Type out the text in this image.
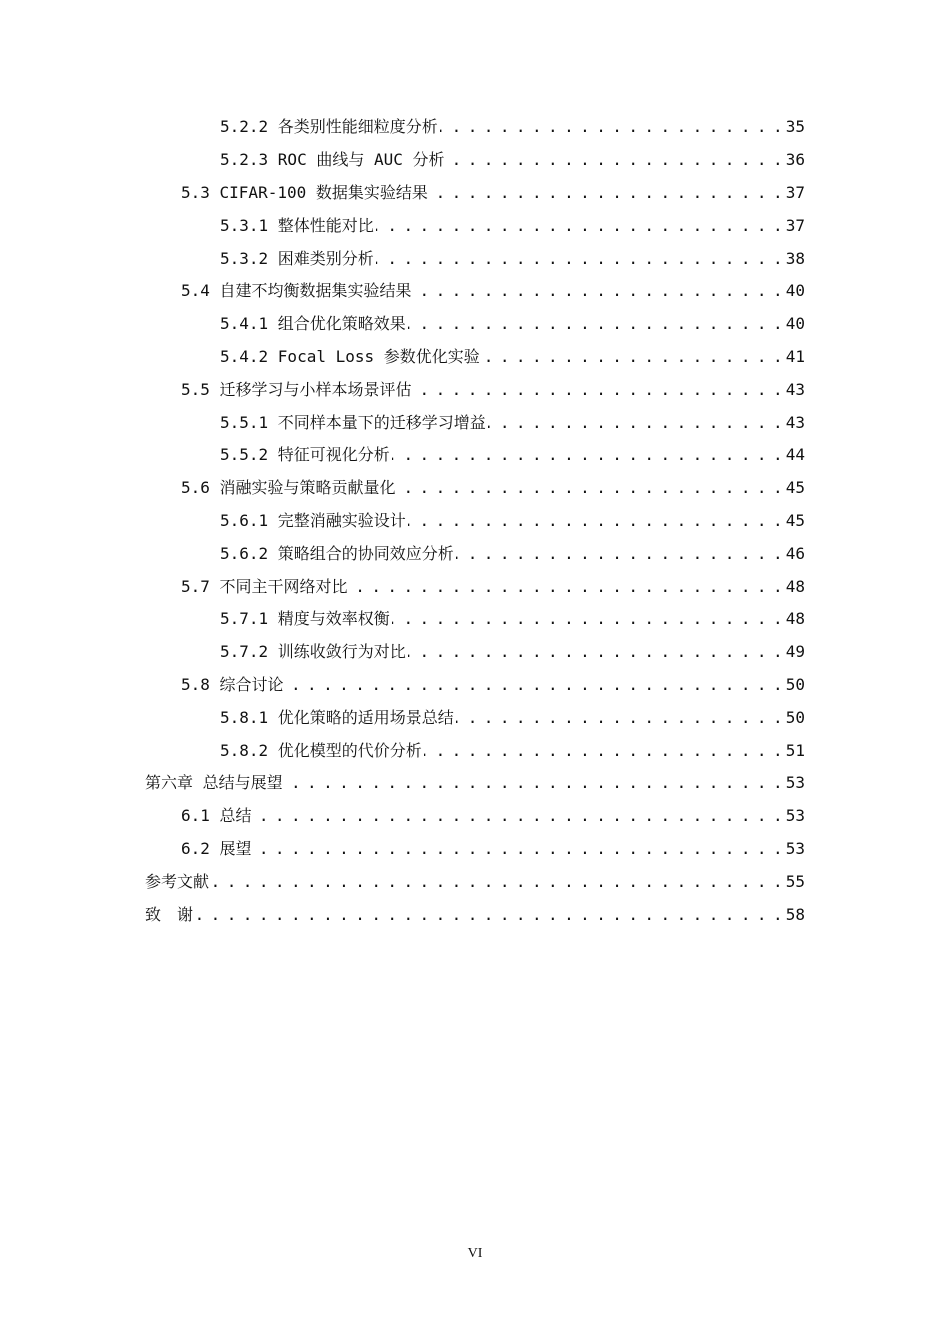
5.2.2 各类别性能细粒度分析 . . .	35
5.2.3 ROC 曲线与 AUC 分析 . . .	36
5.3 CIFAR-100 数据集实验结果 . . .	37
5.3.1 整体性能对比 . . .	37
5.3.2 困难类别分析 . . .	38
5.4 自建不均衡数据集实验结果 . . .	40
5.4.1 组合优化策略效果 . . .	40
5.4.2 Focal Loss 参数优化实验 . . .	41
5.5 迁移学习与小样本场景评估 . . .	43
5.5.1 不同样本量下的迁移学习增益 . . .	43
5.5.2 特征可视化分析 . . .	44
5.6 消融实验与策略贡献量化 . . .	45
5.6.1 完整消融实验设计 . . .	45
5.6.2 策略组合的协同效应分析 . . .	46
5.7 不同主干网络对比 . . .	48
5.7.1 精度与效率权衡 . . .	48
5.7.2 训练收敛行为对比 . . .	49
5.8 综合讨论 . . .	50
5.8.1 优化策略的适用场景总结 . . .	50
5.8.2 优化模型的代价分析 . . .	51
第六章 总结与展望 . . .	53
6.1 总结 . . .	53
6.2 展望 . . .	53
参考文献 . . .	55
致　谢 . . .	58
VI
